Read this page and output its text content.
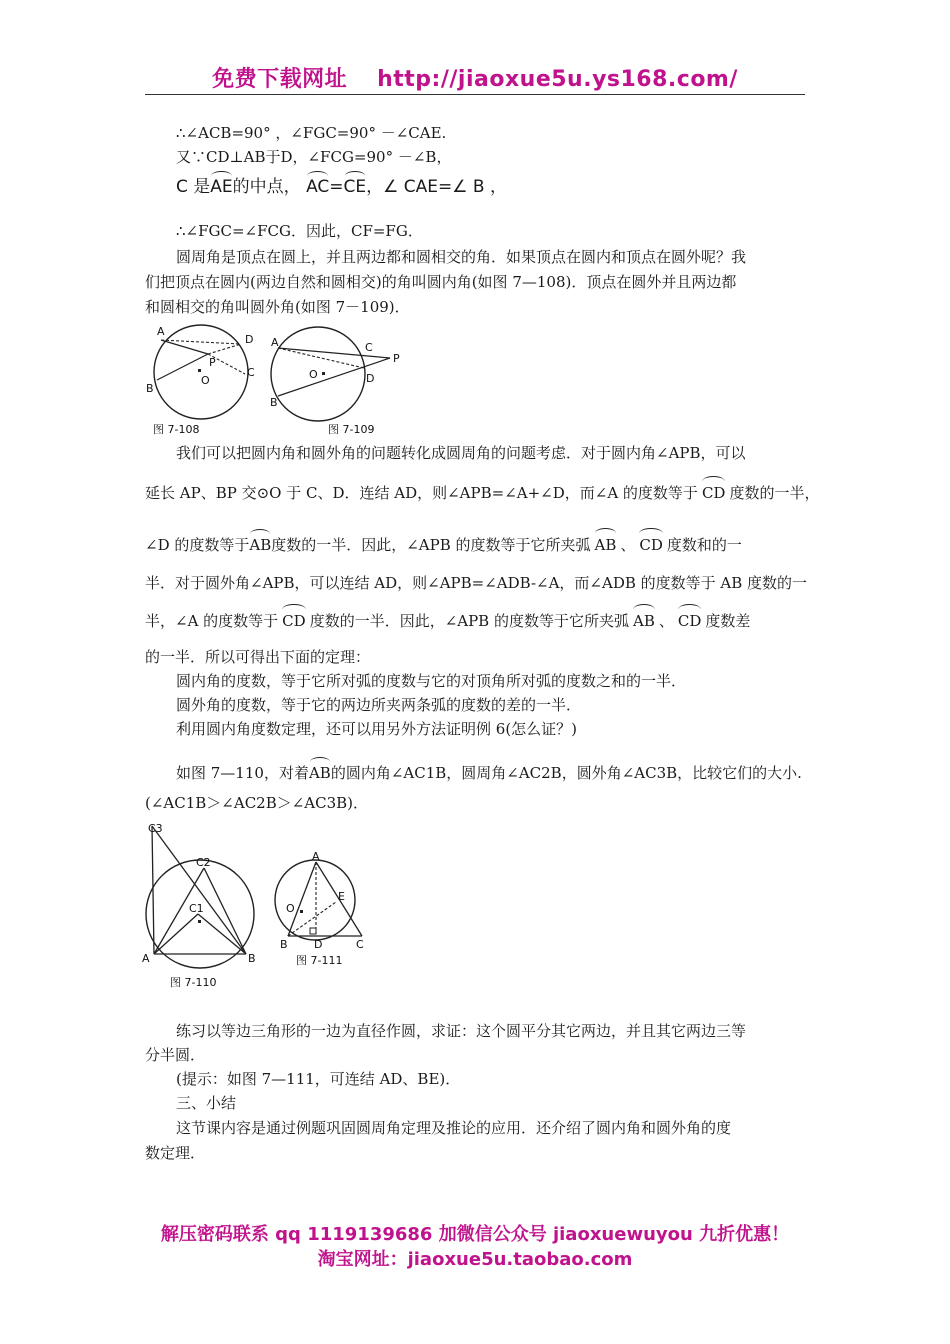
免费下载网址 http://jiaoxue5u.ys168.com/
∴∠ACB=90° ，∠FGC=90° －∠CAE.
又∵CD⊥AB于D，∠FCG=90° －∠B，
C 是AE的中点， AC=CE，∠ CAE=∠ B ，
∴∠FGC=∠FCG．因此，CF=FG．
圆周角是顶点在圆上，并且两边都和圆相交的角．如果顶点在圆内和顶点在圆外呢？我
们把顶点在圆内(两边自然和圆相交)的角叫圆内角(如图 7—108)．顶点在圆外并且两边都
和圆相交的角叫圆外角(如图 7－109)．
A
D
P
O
C
B
图 7-108
A	C
P
O	D
B
图 7-109
我们可以把圆内角和圆外角的问题转化成圆周角的问题考虑．对于圆内角∠APB，可以
延长 AP、BP 交⊙O 于 C、D．连结 AD，则∠APB=∠A+∠D，而∠A 的度数等于 CD 度数的一半，
∠D 的度数等于AB度数的一半．因此，∠APB 的度数等于它所夹弧 AB 、 CD 度数和的一
半．对于圆外角∠APB，可以连结 AD，则∠APB=∠ADB-∠A，而∠ADB 的度数等于 AB 度数的一
半，∠A 的度数等于 CD 度数的一半．因此，∠APB 的度数等于它所夹弧 AB 、 CD 度数差
的一半．所以可得出下面的定理：
圆内角的度数，等于它所对弧的度数与它的对顶角所对弧的度数之和的一半．
圆外角的度数，等于它的两边所夹两条弧的度数的差的一半．
利用圆内角度数定理，还可以用另外方法证明例 6(怎么证？)
如图 7—110，对着AB的圆内角∠AC1B，圆周角∠AC2B，圆外角∠AC3B，比较它们的大小.
(∠AC1B＞∠AC2B＞∠AC3B)．
C3
C2
C1
A	B
图 7-110
A
E
O
B D	C
图 7-111
练习以等边三角形的一边为直径作圆，求证：这个圆平分其它两边，并且其它两边三等
分半圆．
(提示：如图 7—111，可连结 AD、BE)．
三、小结
这节课内容是通过例题巩固圆周角定理及推论的应用．还介绍了圆内角和圆外角的度
数定理．
解压密码联系 qq 1119139686 加微信公众号 jiaoxuewuyou 九折优惠！
淘宝网址：jiaoxue5u.taobao.com
